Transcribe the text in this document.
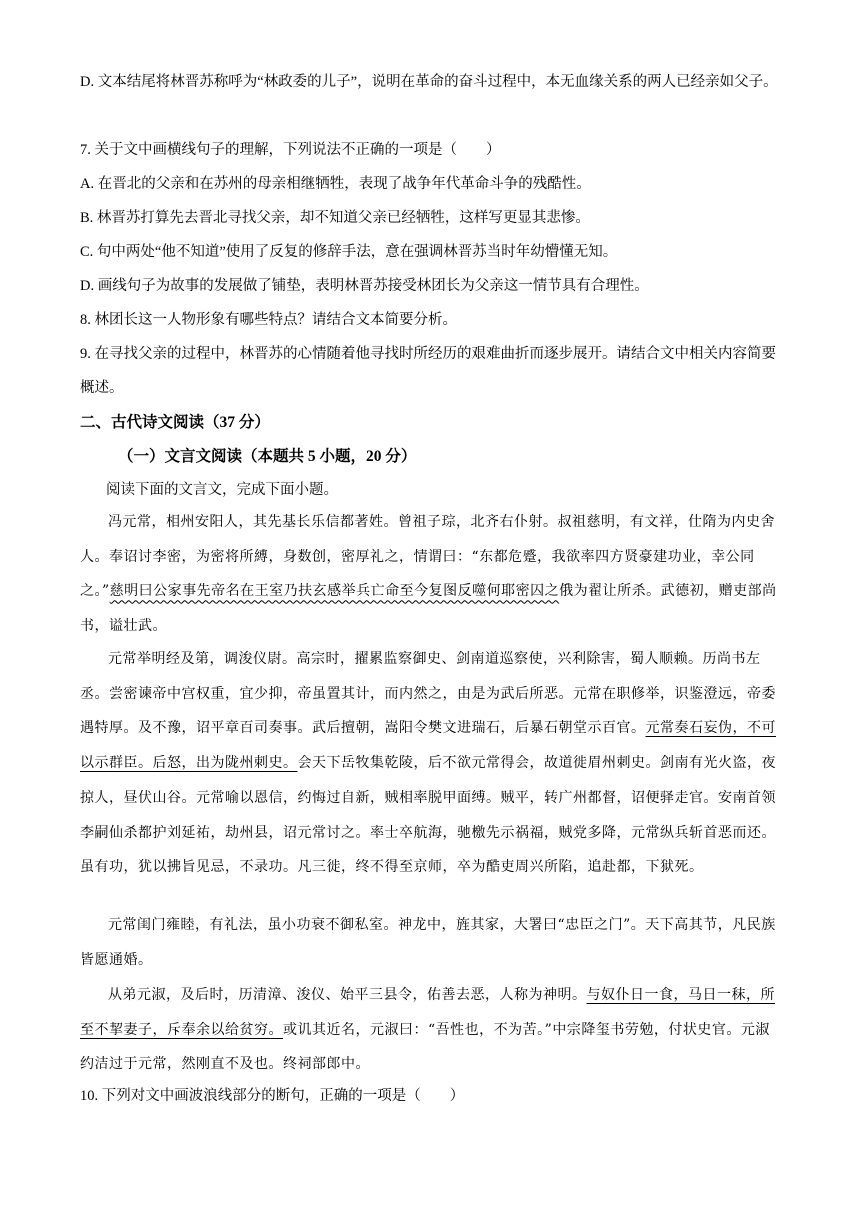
D. 文本结尾将林晋苏称呼为“林政委的儿子”，说明在革命的奋斗过程中，本无血缘关系的两人已经亲如父子。

7. 关于文中画横线句子的理解，下列说法不正确的一项是（　　）

A. 在晋北的父亲和在苏州的母亲相继牺牲，表现了战争年代革命斗争的残酷性。

B. 林晋苏打算先去晋北寻找父亲，却不知道父亲已经牺牲，这样写更显其悲惨。

C. 句中两处“他不知道”使用了反复的修辞手法，意在强调林晋苏当时年幼懵懂无知。

D. 画线句子为故事的发展做了铺垫，表明林晋苏接受林团长为父亲这一情节具有合理性。

8. 林团长这一人物形象有哪些特点？请结合文本简要分析。

9. 在寻找父亲的过程中，林晋苏的心情随着他寻找时所经历的艰难曲折而逐步展开。请结合文中相关内容简要概述。

二、古代诗文阅读（37 分）

（一）文言文阅读（本题共 5 小题，20 分）

阅读下面的文言文，完成下面小题。

冯元常，相州安阳人，其先基长乐信都著姓。曾祖子琮，北齐右仆射。叔祖慈明，有文祥，仕隋为内史舍人。奉诏讨李密，为密将所縛，身数创，密厚礼之，情谓曰：“东都危蹙，我欲率四方贤豪建功业，幸公同之。”慈明曰公家事先帝名在王室乃扶玄感举兵亡命至今复图反噬何耶密囚之俄为翟让所杀。武德初，赠吏部尚书，谥壮武。

元常举明经及第，调浚仪尉。高宗时，擢累监察御史、剑南道巡察使，兴利除害，蜀人顺赖。历尚书左丞。尝密谏帝中宫权重，宜少抑，帝虽置其计，而内然之，由是为武后所恶。元常在职修举，识鉴澄远，帝委遇特厚。及不豫，诏平章百司奏事。武后擅朝，嵩阳令樊文进瑞石，后暴石朝堂示百官。元常奏石妄伪，不可以示群臣。后怒，出为陇州刺史。会天下岳牧集乾陵，后不欲元常得会，故道徙眉州刺史。剑南有光火盗，夜掠人，昼伏山谷。元常喻以恩信，约悔过自新，贼相率脱甲面缚。贼平，转广州都督，诏便驿走官。安南首领李嗣仙杀都护刘延祐，劫州县，诏元常讨之。率士卒航海，驰檄先示祸福，贼党多降，元常纵兵斩首恶而还。虽有功，犹以拂旨见忌，不录功。凡三徙，终不得至京师，卒为酷吏周兴所陷，追赴都，下狱死。

元常闺门雍睦，有礼法，虽小功衰不御私室。神龙中，旌其家，大署曰“忠臣之门”。天下高其节，凡民族皆愿通婚。

从弟元淑，及后时，历清漳、浚仪、始平三县令，佑善去恶，人称为神明。与奴仆日一食，马日一秣，所至不挈妻子，斥奉余以给贫穷。或讥其近名，元淑曰：“吾性也，不为苦。”中宗降玺书劳勉，付状史官。元淑约洁过于元常，然刚直不及也。终祠部郎中。

10. 下列对文中画波浪线部分的断句，正确的一项是（　　）
